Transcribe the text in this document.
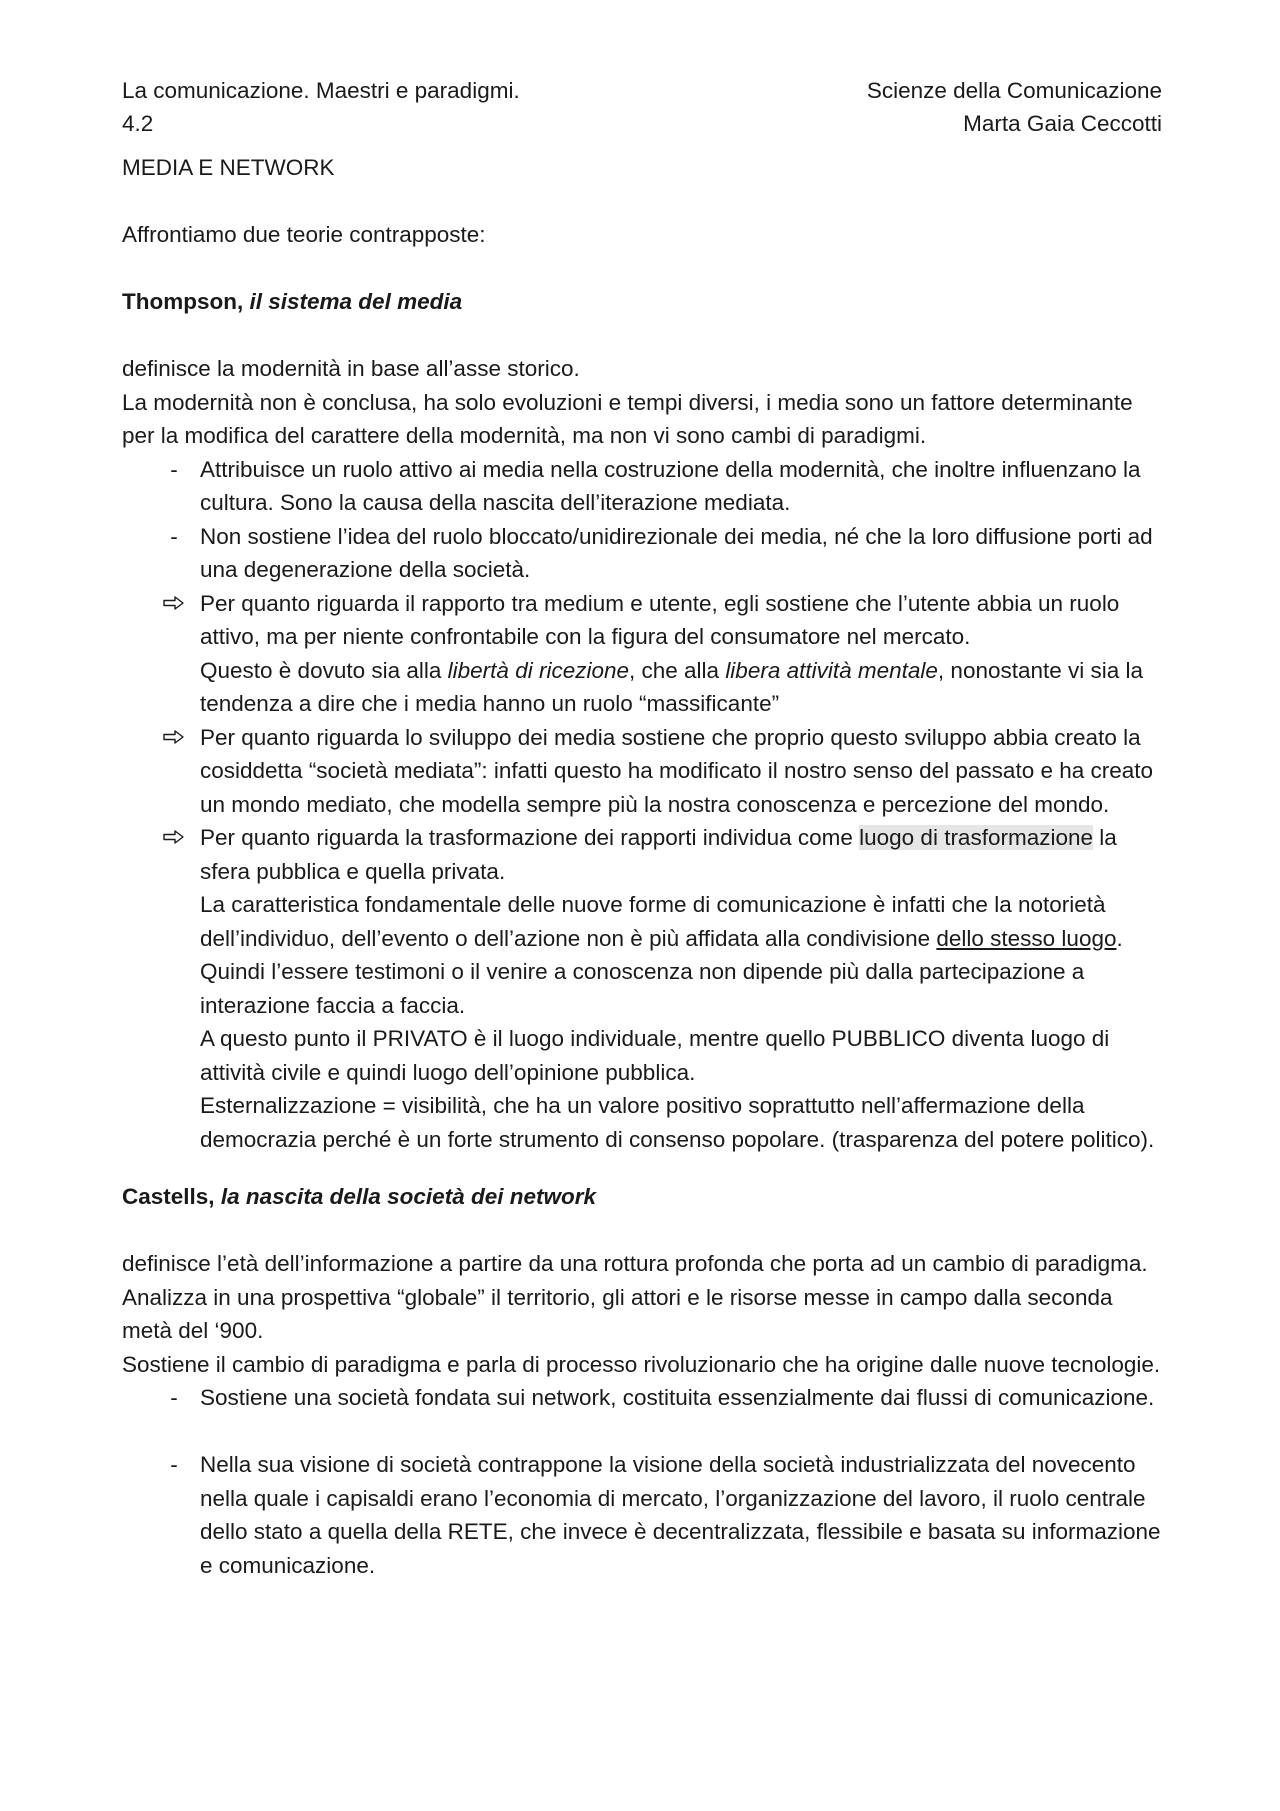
La comunicazione. Maestri e paradigmi.
4.2
Scienze della Comunicazione
Marta Gaia Ceccotti
MEDIA E NETWORK
Affrontiamo due teorie contrapposte:
Thompson, il sistema del media

definisce la modernità in base all’asse storico.

La modernità non è conclusa, ha solo evoluzioni e tempi diversi, i media sono un fattore determinante per la modifica del carattere della modernità, ma non vi sono cambi di paradigmi.

- Attribuisce un ruolo attivo ai media nella costruzione della modernità, che inoltre influenzano la cultura. Sono la causa della nascita dell’iterazione mediata.
- Non sostiene l’idea del ruolo bloccato/unidirezionale dei media, né che la loro diffusione porti ad una degenerazione della società.
Per quanto riguarda il rapporto tra medium e utente, egli sostiene che l’utente abbia un ruolo attivo, ma per niente confrontabile con la figura del consumatore nel mercato.
Questo è dovuto sia alla libertà di ricezione, che alla libera attività mentale, nonostante vi sia la tendenza a dire che i media hanno un ruolo “massificante”
Per quanto riguarda lo sviluppo dei media sostiene che proprio questo sviluppo abbia creato la cosiddetta “società mediata”: infatti questo ha modificato il nostro senso del passato e ha creato un mondo mediato, che modella sempre più la nostra conoscenza e percezione del mondo.
Per quanto riguarda la trasformazione dei rapporti individua come luogo di trasformazione la sfera pubblica e quella privata.
La caratteristica fondamentale delle nuove forme di comunicazione è infatti che la notorietà dell’individuo, dell’evento o dell’azione non è più affidata alla condivisione dello stesso luogo.
Quindi l’essere testimoni o il venire a conoscenza non dipende più dalla partecipazione a interazione faccia a faccia.
A questo punto il PRIVATO è il luogo individuale, mentre quello PUBBLICO diventa luogo di attività civile e quindi luogo dell’opinione pubblica.
Esternalizzazione = visibilità, che ha un valore positivo soprattutto nell’affermazione della democrazia perché è un forte strumento di consenso popolare. (trasparenza del potere politico).
Castells, la nascita della società dei network

definisce l’età dell’informazione a partire da una rottura profonda che porta ad un cambio di paradigma.

Analizza in una prospettiva “globale” il territorio, gli attori e le risorse messe in campo dalla seconda metà del ‘900.

Sostiene il cambio di paradigma e parla di processo rivoluzionario che ha origine dalle nuove tecnologie.

- Sostiene una società fondata sui network, costituita essenzialmente dai flussi di comunicazione.
- Nella sua visione di società contrappone la visione della società industrializzata del novecento nella quale i capisaldi erano l’economia di mercato, l’organizzazione del lavoro, il ruolo centrale dello stato a quella della RETE, che invece è decentralizzata, flessibile e basata su informazione e comunicazione.
